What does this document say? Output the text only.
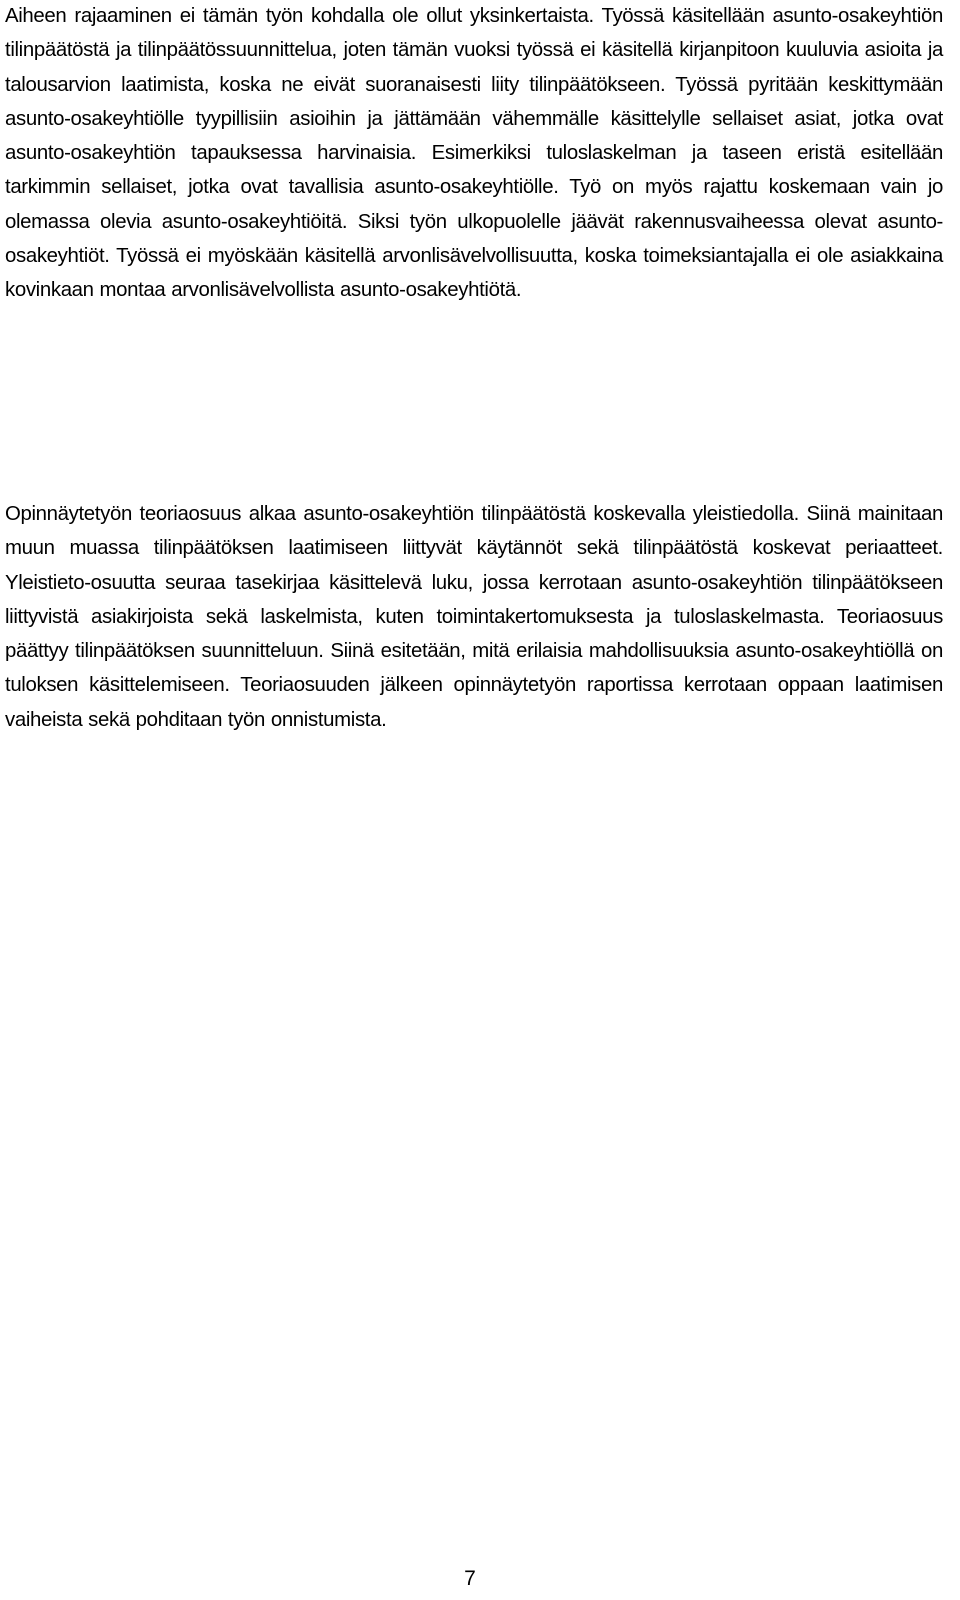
Aiheen rajaaminen ei tämän työn kohdalla ole ollut yksinkertaista. Työssä käsitellään asunto-osakeyhtiön tilinpäätöstä ja tilinpäätössuunnittelua, joten tämän vuoksi työssä ei käsitellä kirjanpitoon kuuluvia asioita ja talousarvion laatimista, koska ne eivät suoranaisesti liity tilinpäätökseen. Työssä pyritään keskittymään asunto-osakeyhtiölle tyypillisiin asioihin ja jättämään vähemmälle käsittelylle sellaiset asiat, jotka ovat asunto-osakeyhtiön tapauksessa harvinaisia. Esimerkiksi tuloslaskelman ja taseen eristä esitellään tarkimmin sellaiset, jotka ovat tavallisia asunto-osakeyhtiölle. Työ on myös rajattu koskemaan vain jo olemassa olevia asunto-osakeyhtiöitä. Siksi työn ulkopuolelle jäävät rakennusvaiheessa olevat asunto-osakeyhtiöt. Työssä ei myöskään käsitellä arvonlisävelvollisuutta, koska toimeksiantajalla ei ole asiakkaina kovinkaan montaa arvonlisävelvollista asunto-osakeyhtiötä.

Opinnäytetyön teoriaosuus alkaa asunto-osakeyhtiön tilinpäätöstä koskevalla yleistiedolla. Siinä mainitaan muun muassa tilinpäätöksen laatimiseen liittyvät käytännöt sekä tilinpäätöstä koskevat periaatteet. Yleistieto-osuutta seuraa tasekirjaa käsittelevä luku, jossa kerrotaan asunto-osakeyhtiön tilinpäätökseen liittyvistä asiakirjoista sekä laskelmista, kuten toimintakertomuksesta ja tuloslaskelmasta. Teoriaosuus päättyy tilinpäätöksen suunnitteluun. Siinä esitetään, mitä erilaisia mahdollisuuksia asunto-osakeyhtiöllä on tuloksen käsittelemiseen. Teoriaosuuden jälkeen opinnäytetyön raportissa kerrotaan oppaan laatimisen vaiheista sekä pohditaan työn onnistumista.

7
